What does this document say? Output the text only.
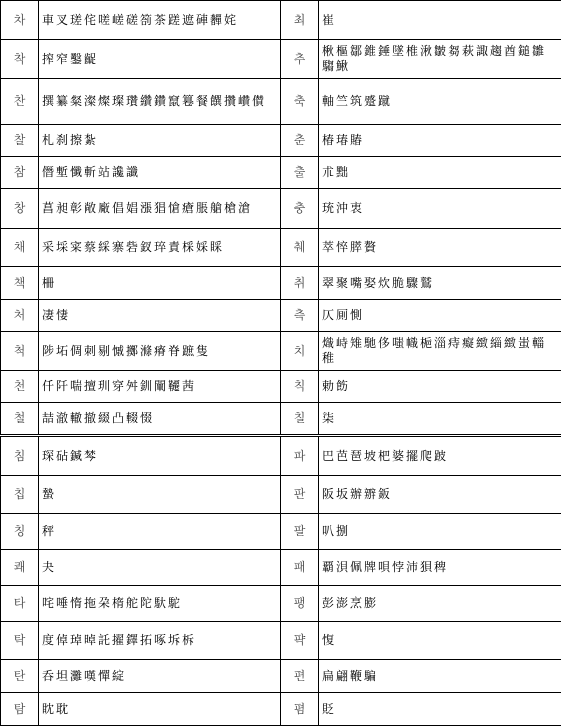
차	車叉瑳侘嗟嵯磋箚茶蹉遮硨奲姹	최	崔
착	搾窄鑿齪	추	楸樞鄒錐錘墜椎湫皺芻萩諏趨酋鎚雛騶鰍
찬	撰纂粲澯燦璨瓚纘鑽竄篹餐饌攢巑儧	축	軸竺筑蹙蹴
찰	札刹擦紮	춘	椿瑃賰
참	僭塹懺斬站讒讖	출	朮黜
창	菖昶彰敞廠倡娼漲猖愴瘡脹艙槍滄	충	珫沖衷
채	采埰寀蔡綵寨砦釵琗責棌婇睬	췌	萃悴膵贅
책	柵	취	翠聚嘴娶炊脆驟鷲
처	凄悽	측	仄厠惻
척	陟坧倜刺剔慽擲滌瘠脊蹠隻	치	熾峙雉馳侈嗤幟梔淄痔癡緻緇緻蚩輜稚
천	仟阡喘擅玔穿舛釧闡韆茜	칙	勅飭
철	喆澈轍撤綴凸輟惙	칠	柒
침	琛砧鍼棽	파	巴芭琶坡杷婆擺爬跛
칩	蟄	판	阪坂辦辧鈑
칭	秤	팔	叭捌
쾌	夬	패	覇浿佩牌唄悖沛狽稗
타	咤唾惰拖朶楕舵陀馱駝	팽	彭澎烹膨
탁	度倬琸晫託擢鐸拓啄坼柝	퍅	愎
탄	呑坦灘嘆憚綻	편	扁翩鞭騙
탐	眈耽	폄	貶
